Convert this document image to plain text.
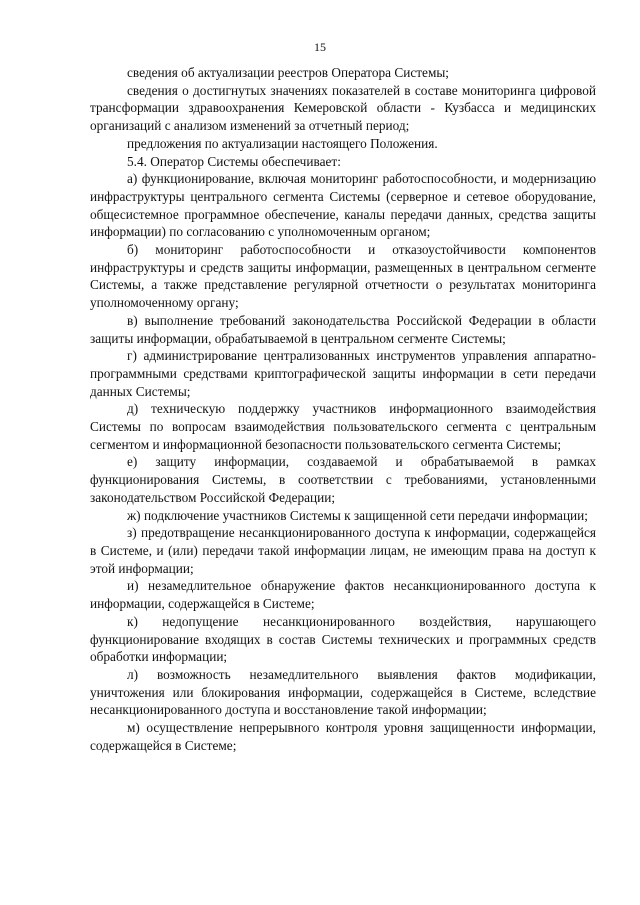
15

сведения об актуализации реестров Оператора Системы;

сведения о достигнутых значениях показателей в составе мониторинга цифровой трансформации здравоохранения Кемеровской области - Кузбасса и медицинских организаций с анализом изменений за отчетный период;

предложения по актуализации настоящего Положения.

5.4. Оператор Системы обеспечивает:

а) функционирование, включая мониторинг работоспособности, и модернизацию инфраструктуры центрального сегмента Системы (серверное и сетевое оборудование, общесистемное программное обеспечение, каналы передачи данных, средства защиты информации) по согласованию с уполномоченным органом;

б) мониторинг работоспособности и отказоустойчивости компонентов инфраструктуры и средств защиты информации, размещенных в центральном сегменте Системы, а также представление регулярной отчетности о результатах мониторинга уполномоченному органу;

в) выполнение требований законодательства Российской Федерации в области защиты информации, обрабатываемой в центральном сегменте Системы;

г) администрирование централизованных инструментов управления аппаратно-программными средствами криптографической защиты информации в сети передачи данных Системы;

д) техническую поддержку участников информационного взаимодействия Системы по вопросам взаимодействия пользовательского сегмента с центральным сегментом и информационной безопасности пользовательского сегмента Системы;

е) защиту информации, создаваемой и обрабатываемой в рамках функционирования Системы, в соответствии с требованиями, установленными законодательством Российской Федерации;

ж) подключение участников Системы к защищенной сети передачи информации;

з) предотвращение несанкционированного доступа к информации, содержащейся в Системе, и (или) передачи такой информации лицам, не имеющим права на доступ к этой информации;

и) незамедлительное обнаружение фактов несанкционированного доступа к информации, содержащейся в Системе;

к) недопущение несанкционированного воздействия, нарушающего функционирование входящих в состав Системы технических и программных средств обработки информации;

л) возможность незамедлительного выявления фактов модификации, уничтожения или блокирования информации, содержащейся в Системе, вследствие несанкционированного доступа и восстановление такой информации;

м) осуществление непрерывного контроля уровня защищенности информации, содержащейся в Системе;
